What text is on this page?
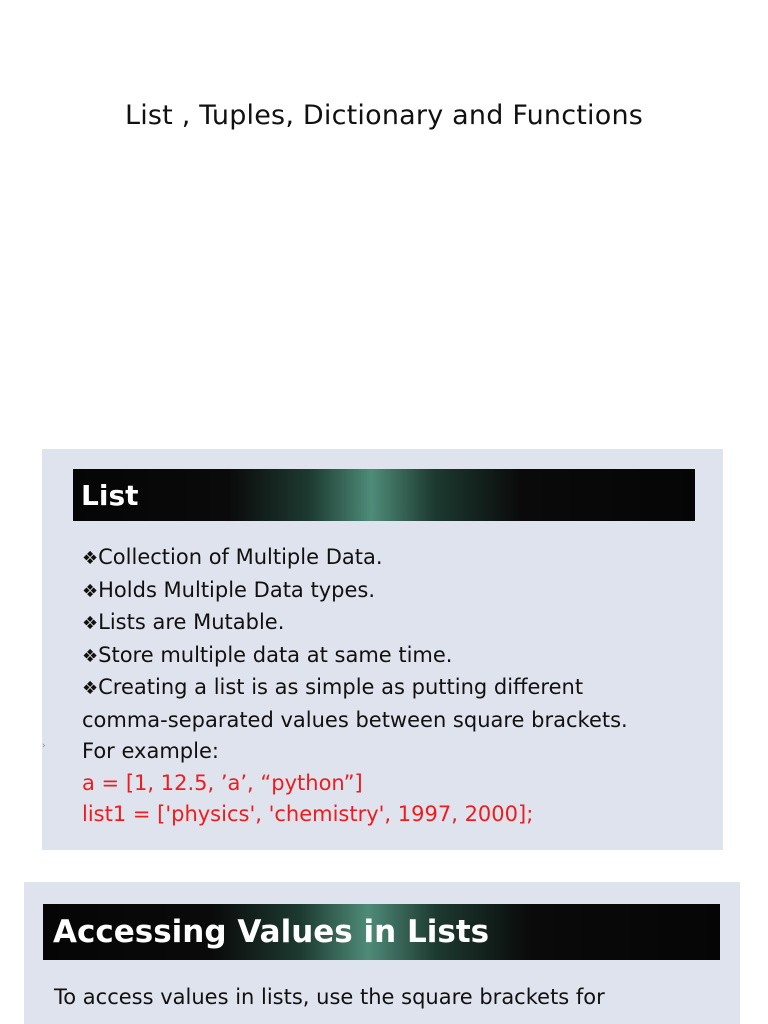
List , Tuples, Dictionary and Functions
List
›
❖Collection of Multiple Data.
❖Holds Multiple Data types.
❖Lists are Mutable.
❖Store multiple data at same time.
❖Creating a list is as simple as putting different
comma-separated values between square brackets.
For example:
a = [1, 12.5, ’a’, “python”]
list1 = ['physics', 'chemistry', 1997, 2000];
Accessing Values in Lists
To access values in lists, use the square brackets for
